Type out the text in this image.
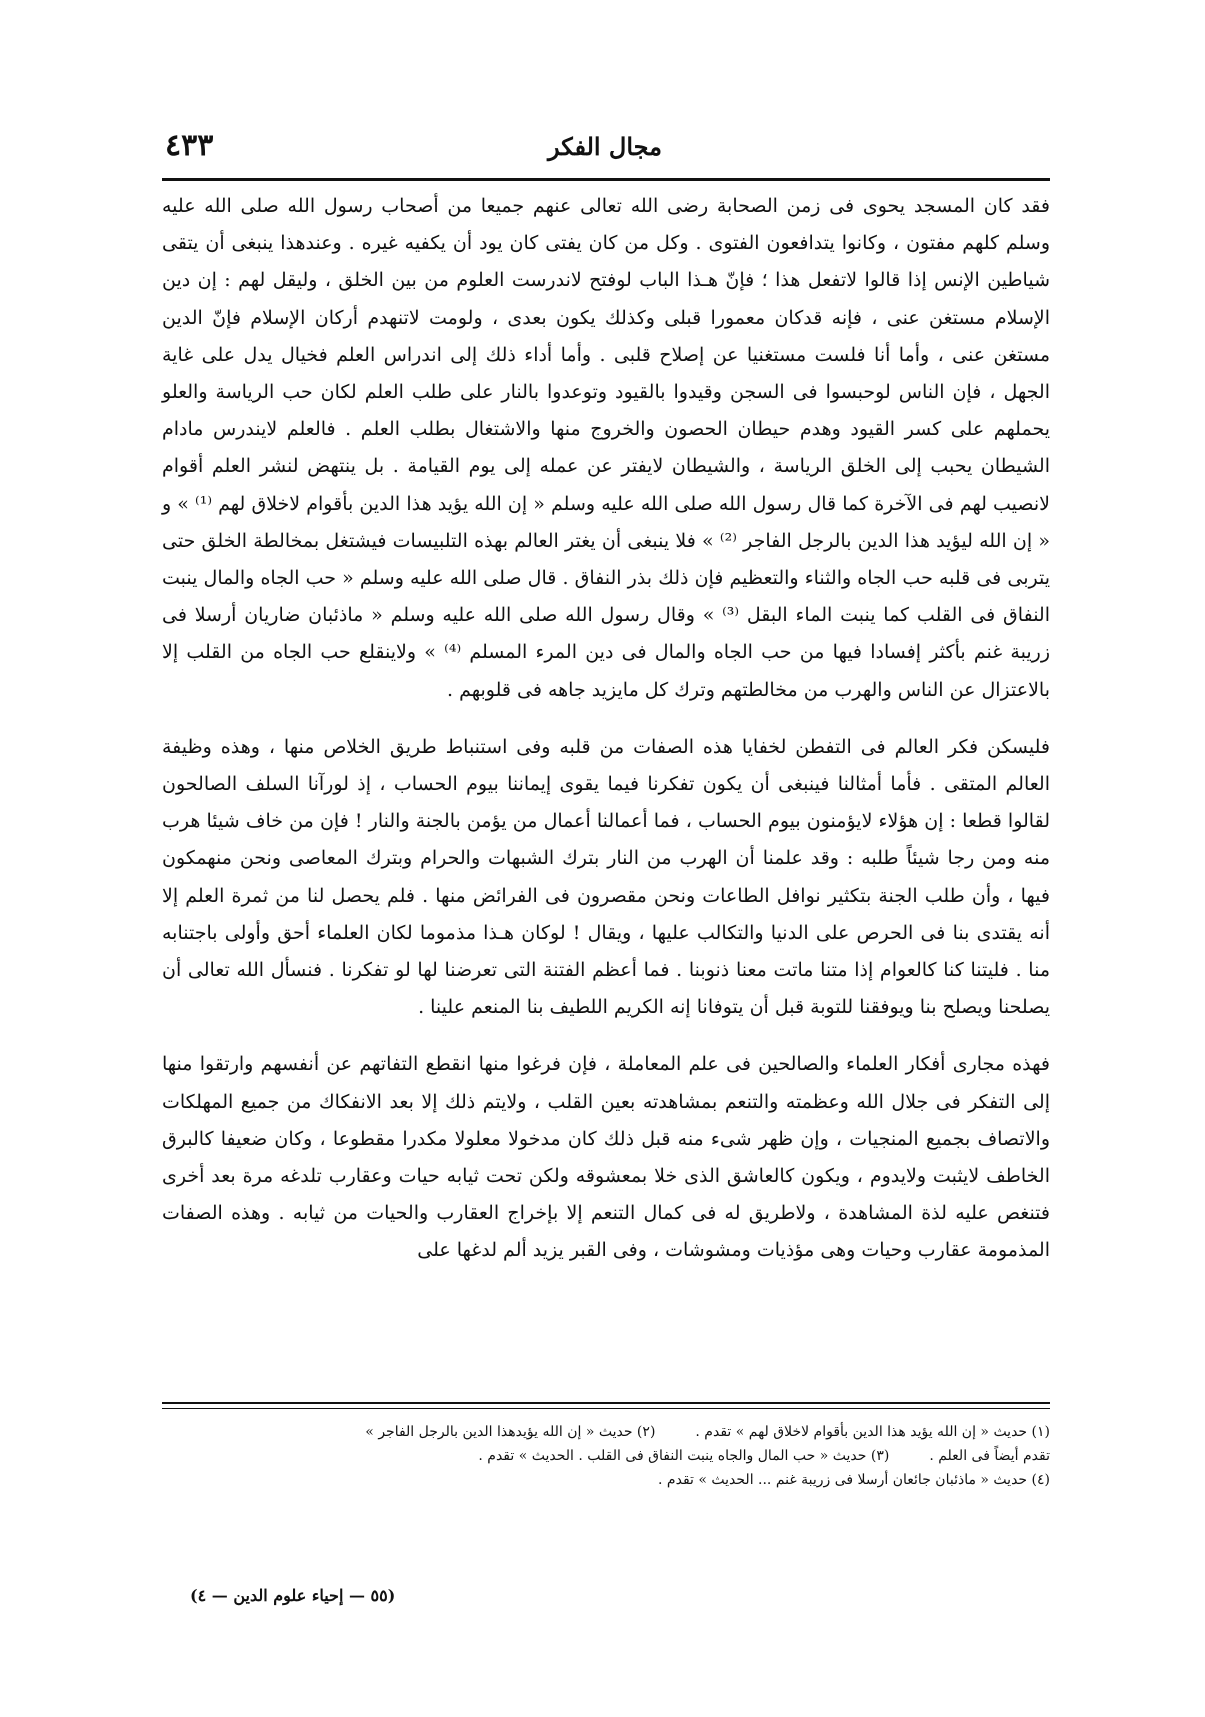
مجال الفكر
٤٣٣

فقد كان المسجد يحوى فى زمن الصحابة رضى الله تعالى عنهم جميعا من أصحاب رسول الله صلى الله عليه وسلم كلهم مفتون ، وكانوا يتدافعون الفتوى . وكل من كان يفتى كان يود أن يكفيه غيره . وعندهذا ينبغى أن يتقى شياطين الإنس إذا قالوا لاتفعل هذا ؛ فإنّ هـذا الباب لوفتح لاندرست العلوم من بين الخلق ، وليقل لهم : إن دين الإسلام مستغن عنى ، فإنه قدكان معمورا قبلى وكذلك يكون بعدى ، ولومت لاتنهدم أركان الإسلام فإنّ الدين مستغن عنى ، وأما أنا فلست مستغنيا عن إصلاح قلبى . وأما أداء ذلك إلى اندراس العلم فخيال يدل على غاية الجهل ، فإن الناس لوحبسوا فى السجن وقيدوا بالقيود وتوعدوا بالنار على طلب العلم لكان حب الرياسة والعلو يحملهم على كسر القيود وهدم حيطان الحصون والخروج منها والاشتغال بطلب العلم . فالعلم لايندرس مادام الشيطان يحبب إلى الخلق الرياسة ، والشيطان لايفتر عن عمله إلى يوم القيامة . بل ينتهض لنشر العلم أقوام لانصيب لهم فى الآخرة كما قال رسول الله صلى الله عليه وسلم « إن الله يؤيد هذا الدين بأقوام لاخلاق لهم ⁽¹⁾ » و « إن الله ليؤيد هذا الدين بالرجل الفاجر ⁽²⁾ » فلا ينبغى أن يغتر العالم بهذه التلبيسات فيشتغل بمخالطة الخلق حتى يتربى فى قلبه حب الجاه والثناء والتعظيم فإن ذلك بذر النفاق . قال صلى الله عليه وسلم « حب الجاه والمال ينبت النفاق فى القلب كما ينبت الماء البقل ⁽³⁾ » وقال رسول الله صلى الله عليه وسلم « ماذئبان ضاريان أرسلا فى زريبة غنم بأكثر إفسادا فيها من حب الجاه والمال فى دين المرء المسلم ⁽⁴⁾ » ولاينقلع حب الجاه من القلب إلا بالاعتزال عن الناس والهرب من مخالطتهم وترك كل مايزيد جاهه فى قلوبهم .

فليسكن فكر العالم فى التفطن لخفايا هذه الصفات من قلبه وفى استنباط طريق الخلاص منها ، وهذه وظيفة العالم المتقى . فأما أمثالنا فينبغى أن يكون تفكرنا فيما يقوى إيماننا بيوم الحساب ، إذ لورآنا السلف الصالحون لقالوا قطعا : إن هؤلاء لايؤمنون بيوم الحساب ، فما أعمالنا أعمال من يؤمن بالجنة والنار ! فإن من خاف شيئا هرب منه ومن رجا شيئاً طلبه : وقد علمنا أن الهرب من النار بترك الشبهات والحرام وبترك المعاصى ونحن منهمكون فيها ، وأن طلب الجنة بتكثير نوافل الطاعات ونحن مقصرون فى الفرائض منها . فلم يحصل لنا من ثمرة العلم إلا أنه يقتدى بنا فى الحرص على الدنيا والتكالب عليها ، ويقال ! لوكان هـذا مذموما لكان العلماء أحق وأولى باجتنابه منا . فليتنا كنا كالعوام إذا متنا ماتت معنا ذنوبنا . فما أعظم الفتنة التى تعرضنا لها لو تفكرنا . فنسأل الله تعالى أن يصلحنا ويصلح بنا ويوفقنا للتوبة قبل أن يتوفانا إنه الكريم اللطيف بنا المنعم علينا .

فهذه مجارى أفكار العلماء والصالحين فى علم المعاملة ، فإن فرغوا منها انقطع التفاتهم عن أنفسهم وارتقوا منها إلى التفكر فى جلال الله وعظمته والتنعم بمشاهدته بعين القلب ، ولايتم ذلك إلا بعد الانفكاك من جميع المهلكات والاتصاف بجميع المنجيات ، وإن ظهر شىء منه قبل ذلك كان مدخولا معلولا مكدرا مقطوعا ، وكان ضعيفا كالبرق الخاطف لايثبت ولايدوم ، ويكون كالعاشق الذى خلا بمعشوقه ولكن تحت ثيابه حيات وعقارب تلدغه مرة بعد أخرى فتنغص عليه لذة المشاهدة ، ولاطريق له فى كمال التنعم إلا بإخراج العقارب والحيات من ثيابه . وهذه الصفات المذمومة عقارب وحيات وهى مؤذيات ومشوشات ، وفى القبر يزيد ألم لدغها على

(١) حديث « إن الله يؤيد هذا الدين بأقوام لاخلاق لهم » تقدم .(٢) حديث « إن الله يؤيدهذا الدين بالرجل الفاجر »
تقدم أيضاً فى العلم .(٣) حديث « حب المال والجاه ينبت النفاق فى القلب . الحديث » تقدم .
(٤) حديث « ماذئبان جائعان أرسلا فى زريبة غنم ... الحديث » تقدم .
(٥٥ — إحياء علوم الدين — ٤)
